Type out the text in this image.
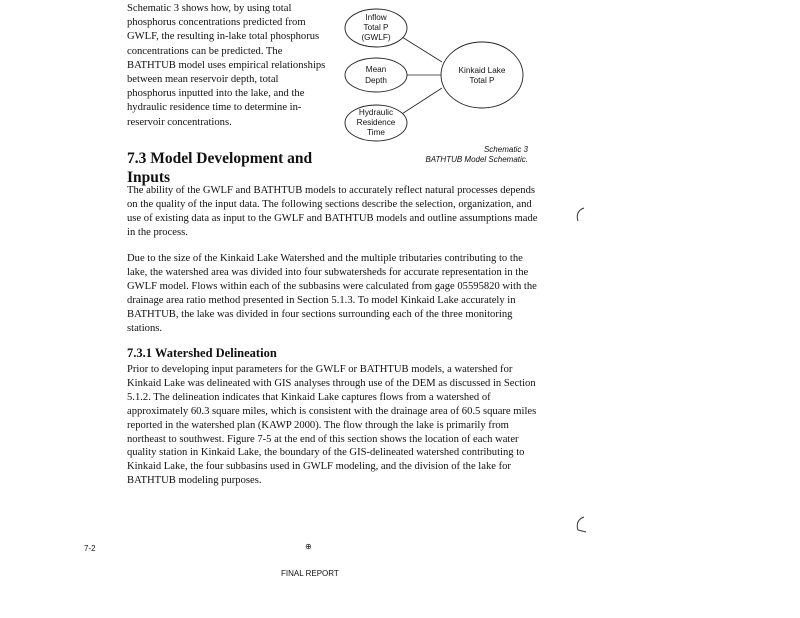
Schematic 3 shows how, by using total phosphorus concentrations predicted from GWLF, the resulting in-lake total phosphorus concentrations can be predicted. The BATHTUB model uses empirical relationships between mean reservoir depth, total phosphorus inputted into the lake, and the hydraulic residence time to determine in-reservoir concentrations.

Inflow
Total P
(GWLF)
Mean
Depth
Hydraulic
Residence
Time
Kinkaid Lake
Total P

Schematic 3

BATHTUB Model Schematic.

7.3 Model Development and Inputs

The ability of the GWLF and BATHTUB models to accurately reflect natural processes depends on the quality of the input data. The following sections describe the selection, organization, and use of existing data as input to the GWLF and BATHTUB models and outline assumptions made in the process.

Due to the size of the Kinkaid Lake Watershed and the multiple tributaries contributing to the lake, the watershed area was divided into four subwatersheds for accurate representation in the GWLF model. Flows within each of the subbasins were calculated from gage 05595820 with the drainage area ratio method presented in Section 5.1.3. To model Kinkaid Lake accurately in BATHTUB, the lake was divided in four sections surrounding each of the three monitoring stations.

7.3.1 Watershed Delineation

Prior to developing input parameters for the GWLF or BATHTUB models, a watershed for Kinkaid Lake was delineated with GIS analyses through use of the DEM as discussed in Section 5.1.2. The delineation indicates that Kinkaid Lake captures flows from a watershed of approximately 60.3 square miles, which is consistent with the drainage area of 60.5 square miles reported in the watershed plan (KAWP 2000). The flow through the lake is primarily from northeast to southwest. Figure 7-5 at the end of this section shows the location of each water quality station in Kinkaid Lake, the boundary of the GIS-delineated watershed contributing to Kinkaid Lake, the four subbasins used in GWLF modeling, and the division of the lake for BATHTUB modeling purposes.

7-2	⊕

FINAL REPORT
